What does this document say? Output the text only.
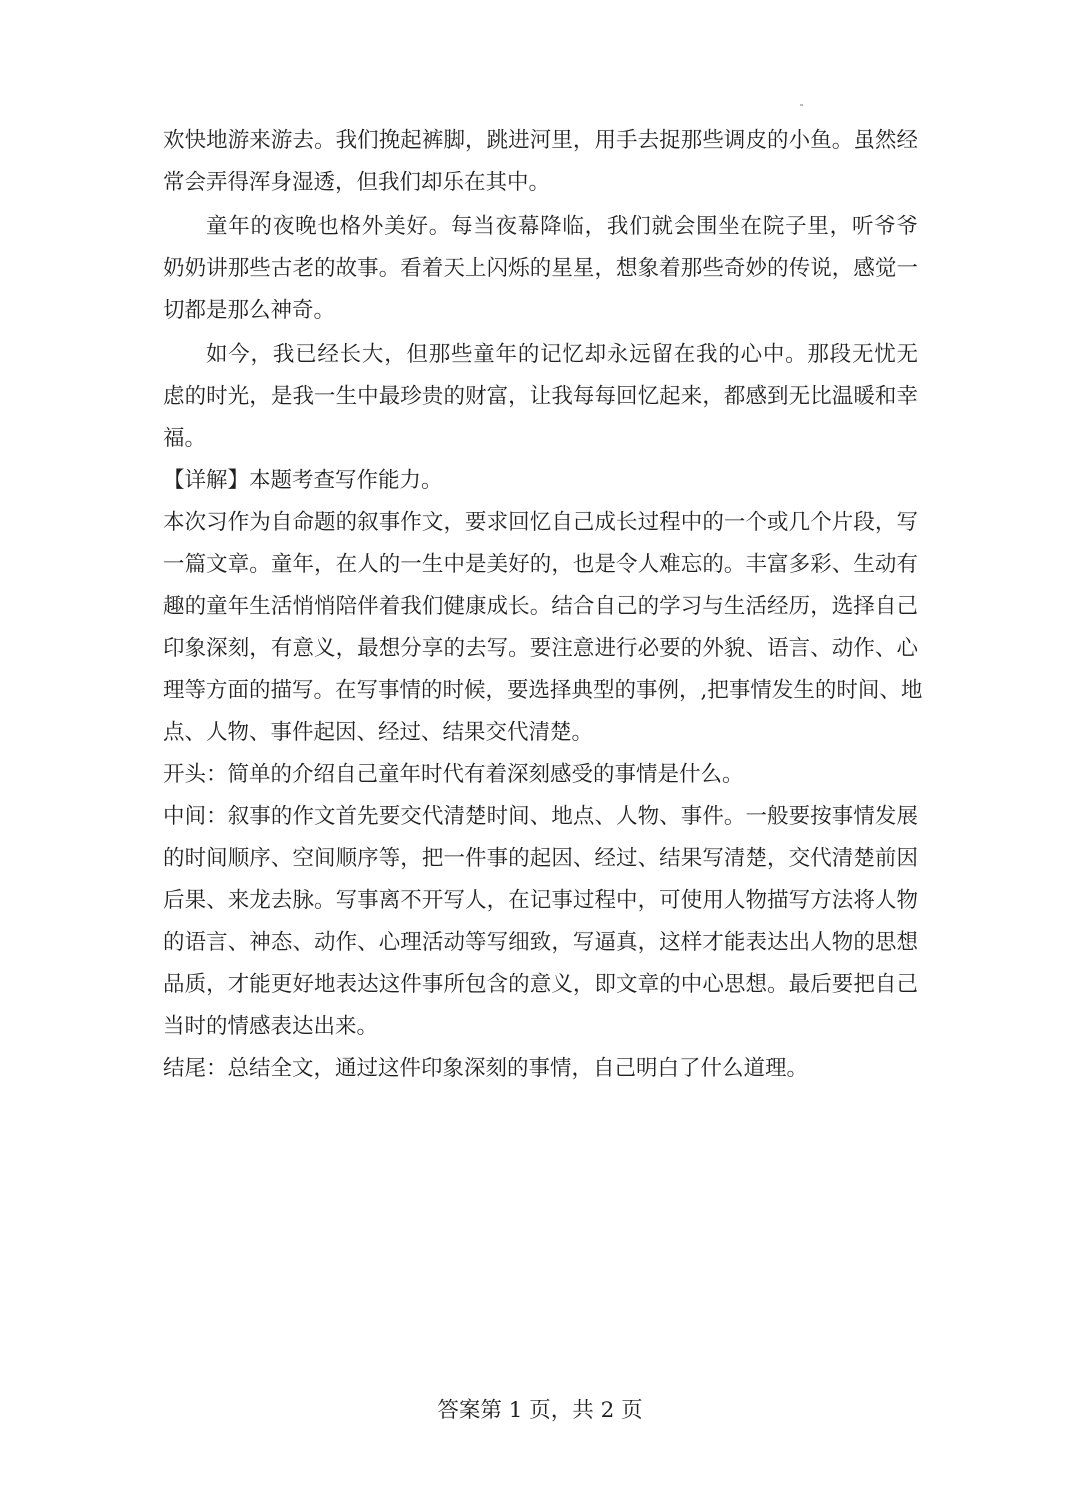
欢快地游来游去。我们挽起裤脚，跳进河里，用手去捉那些调皮的小鱼。虽然经

常会弄得浑身湿透，但我们却乐在其中。

童年的夜晚也格外美好。每当夜幕降临，我们就会围坐在院子里，听爷爷

奶奶讲那些古老的故事。看着天上闪烁的星星，想象着那些奇妙的传说，感觉一

切都是那么神奇。

如今，我已经长大，但那些童年的记忆却永远留在我的心中。那段无忧无

虑的时光，是我一生中最珍贵的财富，让我每每回忆起来，都感到无比温暖和幸

福。

【详解】本题考查写作能力。

本次习作为自命题的叙事作文，要求回忆自己成长过程中的一个或几个片段，写

一篇文章。童年，在人的一生中是美好的，也是令人难忘的。丰富多彩、生动有

趣的童年生活悄悄陪伴着我们健康成长。结合自己的学习与生活经历，选择自己

印象深刻，有意义，最想分享的去写。要注意进行必要的外貌、语言、动作、心

理等方面的描写。在写事情的时候，要选择典型的事例，,把事情发生的时间、地

点、人物、事件起因、经过、结果交代清楚。

开头：简单的介绍自己童年时代有着深刻感受的事情是什么。

中间：叙事的作文首先要交代清楚时间、地点、人物、事件。一般要按事情发展

的时间顺序、空间顺序等，把一件事的起因、经过、结果写清楚，交代清楚前因

后果、来龙去脉。写事离不开写人，在记事过程中，可使用人物描写方法将人物

的语言、神态、动作、心理活动等写细致，写逼真，这样才能表达出人物的思想

品质，才能更好地表达这件事所包含的意义，即文章的中心思想。最后要把自己

当时的情感表达出来。

结尾：总结全文，通过这件印象深刻的事情，自己明白了什么道理。

答案第 1 页，共 2 页
